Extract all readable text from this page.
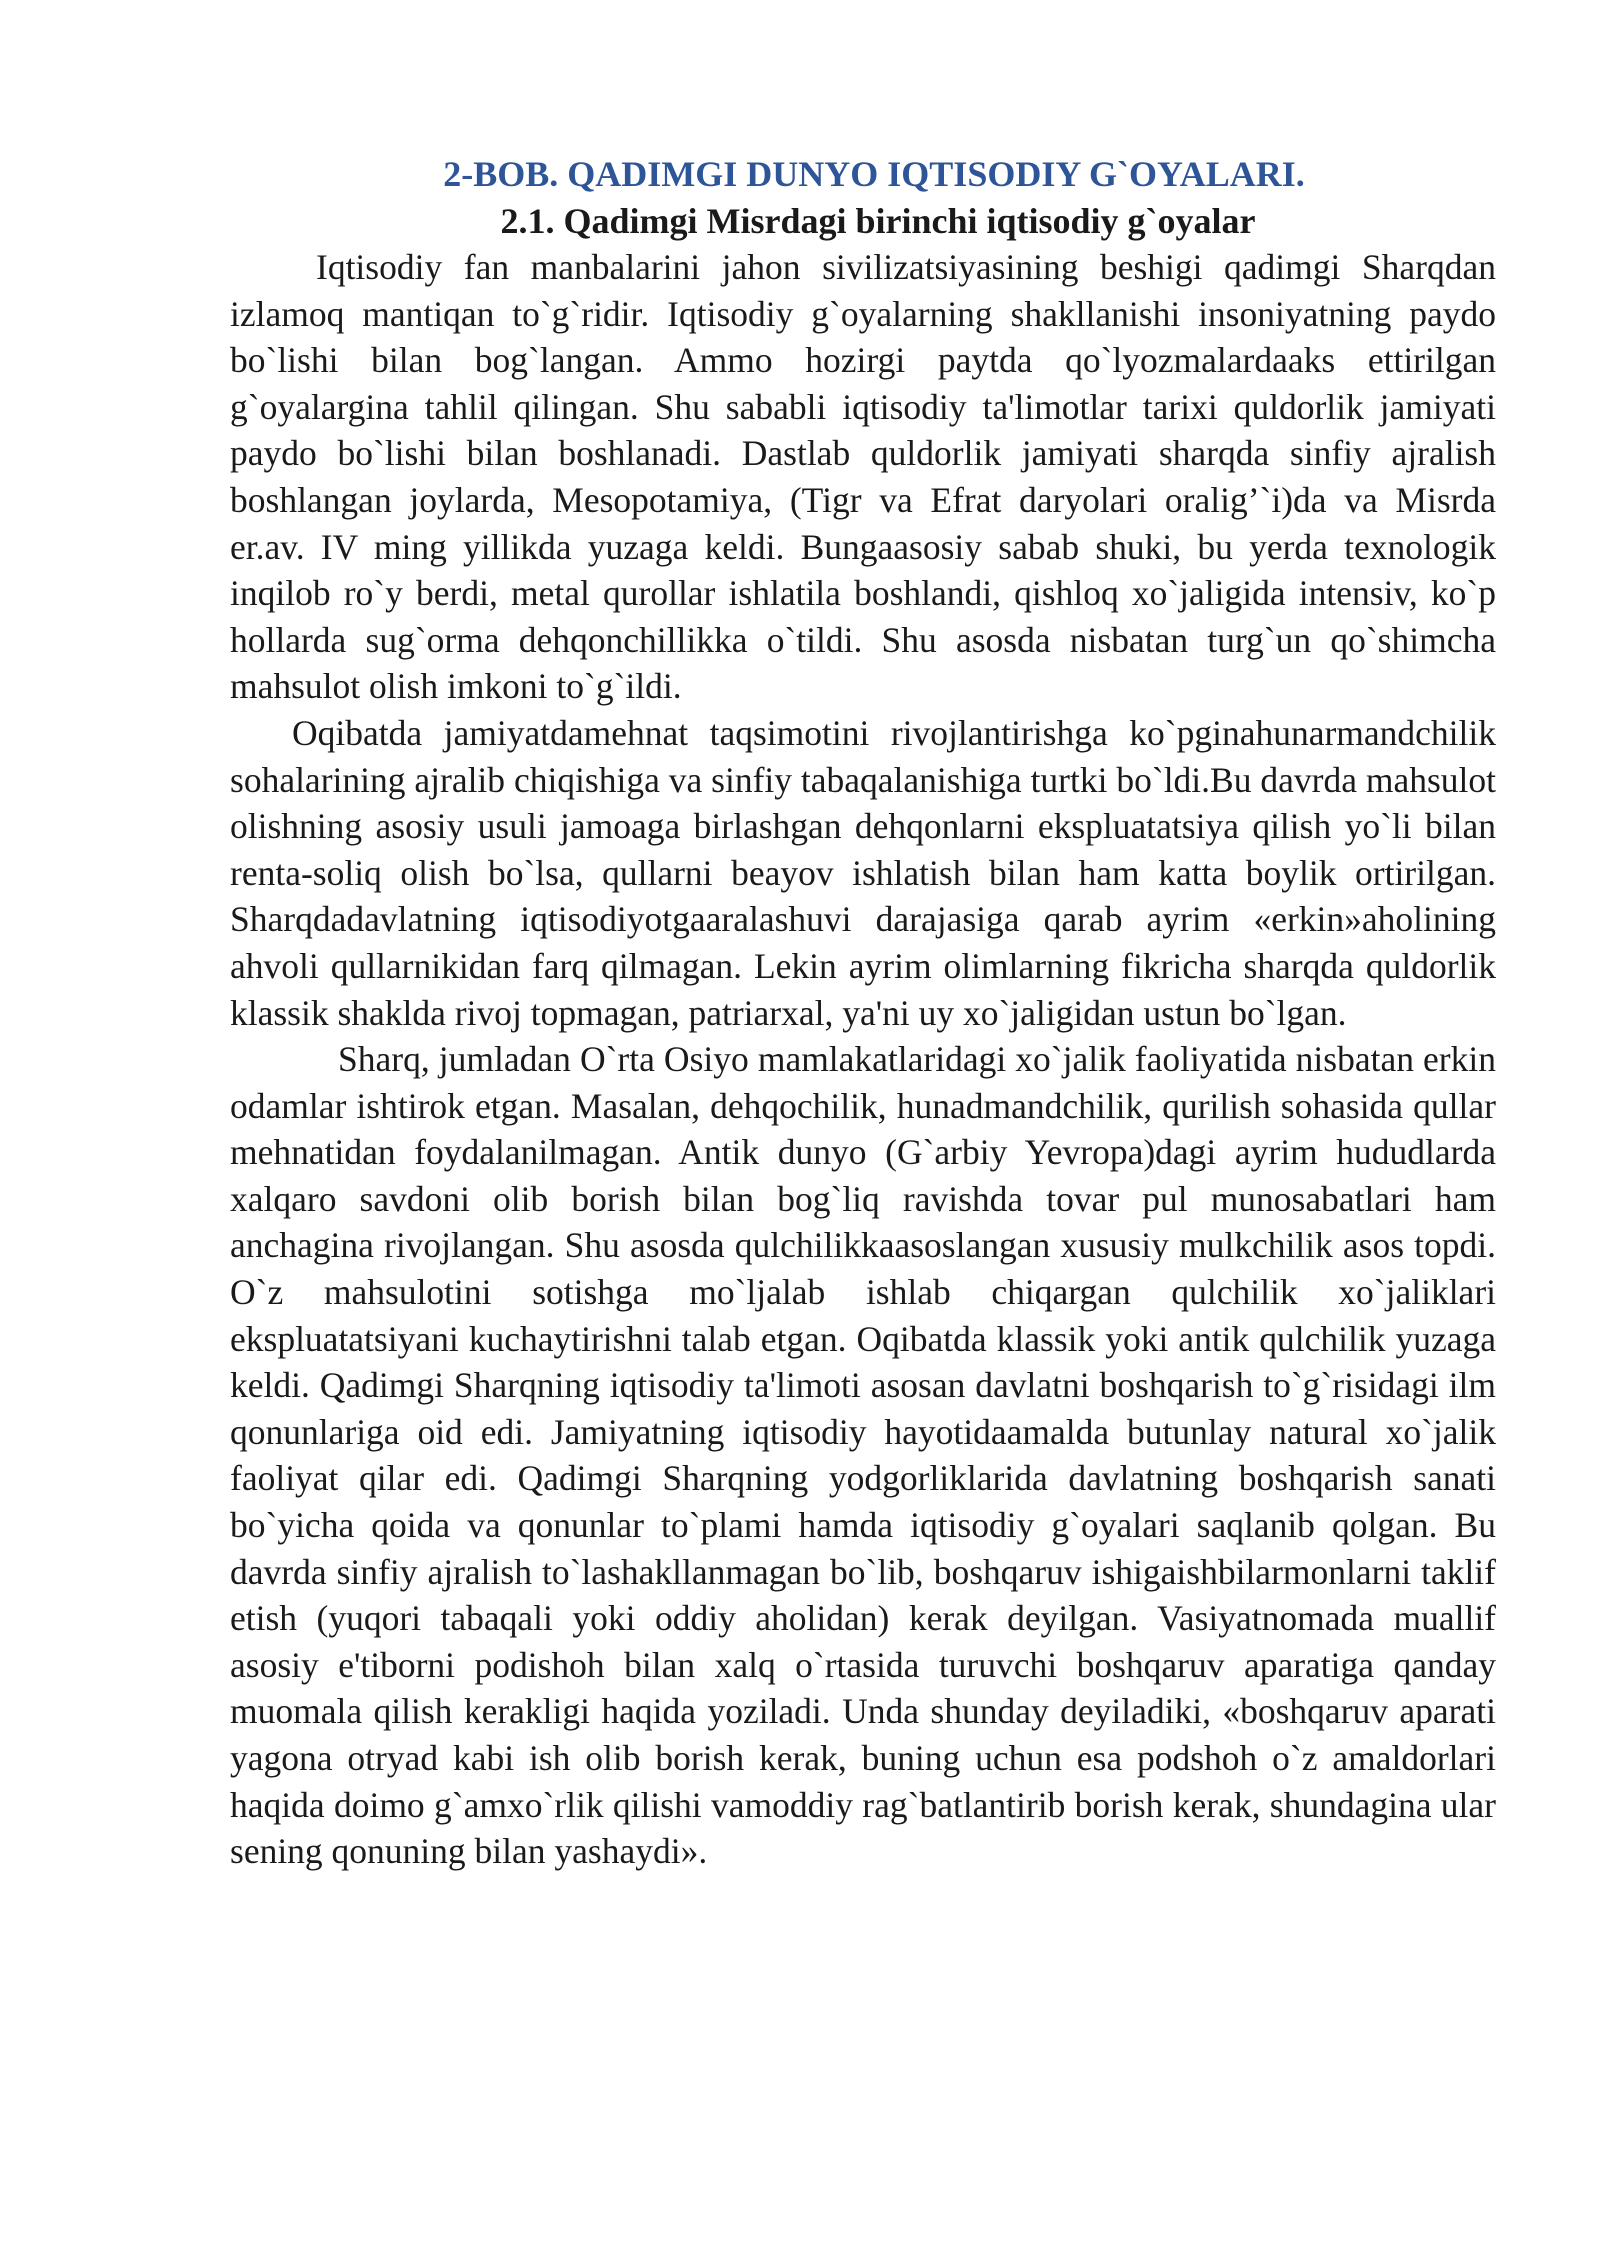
2-BOB. QADIMGI DUNYO IQTISODIY G`OYALARI.
2.1. Qadimgi Misrdagi birinchi iqtisodiy g`oyalar

Iqtisodiy fan manbalarini jahon sivilizatsiyasining beshigi qadimgi Sharqdan izlamoq mantiqan to`g`ridir. Iqtisodiy g`oyalarning shakllanishi insoniyatning paydo bo`lishi bilan bog`langan. Ammo hozirgi paytda qo`lyozmalardaaks ettirilgan g`oyalargina tahlil qilingan. Shu sababli iqtisodiy ta'limotlar tarixi quldorlik jamiyati paydo bo`lishi bilan boshlanadi. Dastlab quldorlik jamiyati sharqda sinfiy ajralish boshlangan joylarda, Mesopotamiya, (Tigr va Efrat daryolari oralig’`i)da va Misrda er.av. IV ming yillikda yuzaga keldi. Bungaasosiy sabab shuki, bu yerda texnologik inqilob ro`y berdi, metal qurollar ishlatila boshlandi, qishloq xo`jaligida intensiv, ko`p hollarda sug`orma dehqonchillikka o`tildi. Shu asosda nisbatan turg`un qo`shimcha mahsulot olish imkoni to`g`ildi.

Oqibatda jamiyatdamehnat taqsimotini rivojlantirishga ko`pginahunarmandchilik sohalarining ajralib chiqishiga va sinfiy tabaqalanishiga turtki bo`ldi.Bu davrda mahsulot olishning asosiy usuli jamoaga birlashgan dehqonlarni ekspluatatsiya qilish yo`li bilan renta-soliq olish bo`lsa, qullarni beayov ishlatish bilan ham katta boylik ortirilgan. Sharqdadavlatning iqtisodiyotgaaralashuvi darajasiga qarab ayrim «erkin»aholining ahvoli qullarnikidan farq qilmagan. Lekin ayrim olimlarning fikricha sharqda quldorlik klassik shaklda rivoj topmagan, patriarxal, ya'ni uy xo`jaligidan ustun bo`lgan.

Sharq, jumladan O`rta Osiyo mamlakatlaridagi xo`jalik faoliyatida nisbatan erkin odamlar ishtirok etgan. Masalan, dehqochilik, hunadmandchilik, qurilish sohasida qullar mehnatidan foydalanilmagan. Antik dunyo (G`arbiy Yevropa)dagi ayrim hududlarda xalqaro savdoni olib borish bilan bog`liq ravishda tovar pul munosabatlari ham anchagina rivojlangan. Shu asosda qulchilikkaasoslangan xususiy mulkchilik asos topdi. O`z mahsulotini sotishga mo`ljalab ishlab chiqargan qulchilik xo`jaliklari ekspluatatsiyani kuchaytirishni talab etgan. Oqibatda klassik yoki antik qulchilik yuzaga keldi. Qadimgi Sharqning iqtisodiy ta'limoti asosan davlatni boshqarish to`g`risidagi ilm qonunlariga oid edi. Jamiyatning iqtisodiy hayotidaamalda butunlay natural xo`jalik faoliyat qilar edi. Qadimgi Sharqning yodgorliklarida davlatning boshqarish sanati bo`yicha qoida va qonunlar to`plami hamda iqtisodiy g`oyalari saqlanib qolgan. Bu davrda sinfiy ajralish to`lashakllanmagan bo`lib, boshqaruv ishigaishbilarmonlarni taklif etish (yuqori tabaqali yoki oddiy aholidan) kerak deyilgan. Vasiyatnomada muallif asosiy e'tiborni podishoh bilan xalq o`rtasida turuvchi boshqaruv aparatiga qanday muomala qilish kerakligi haqida yoziladi. Unda shunday deyiladiki, «boshqaruv aparati yagona otryad kabi ish olib borish kerak, buning uchun esa podshoh o`z amaldorlari haqida doimo g`amxo`rlik qilishi vamoddiy rag`batlantirib borish kerak, shundagina ular sening qonuning bilan yashaydi».
